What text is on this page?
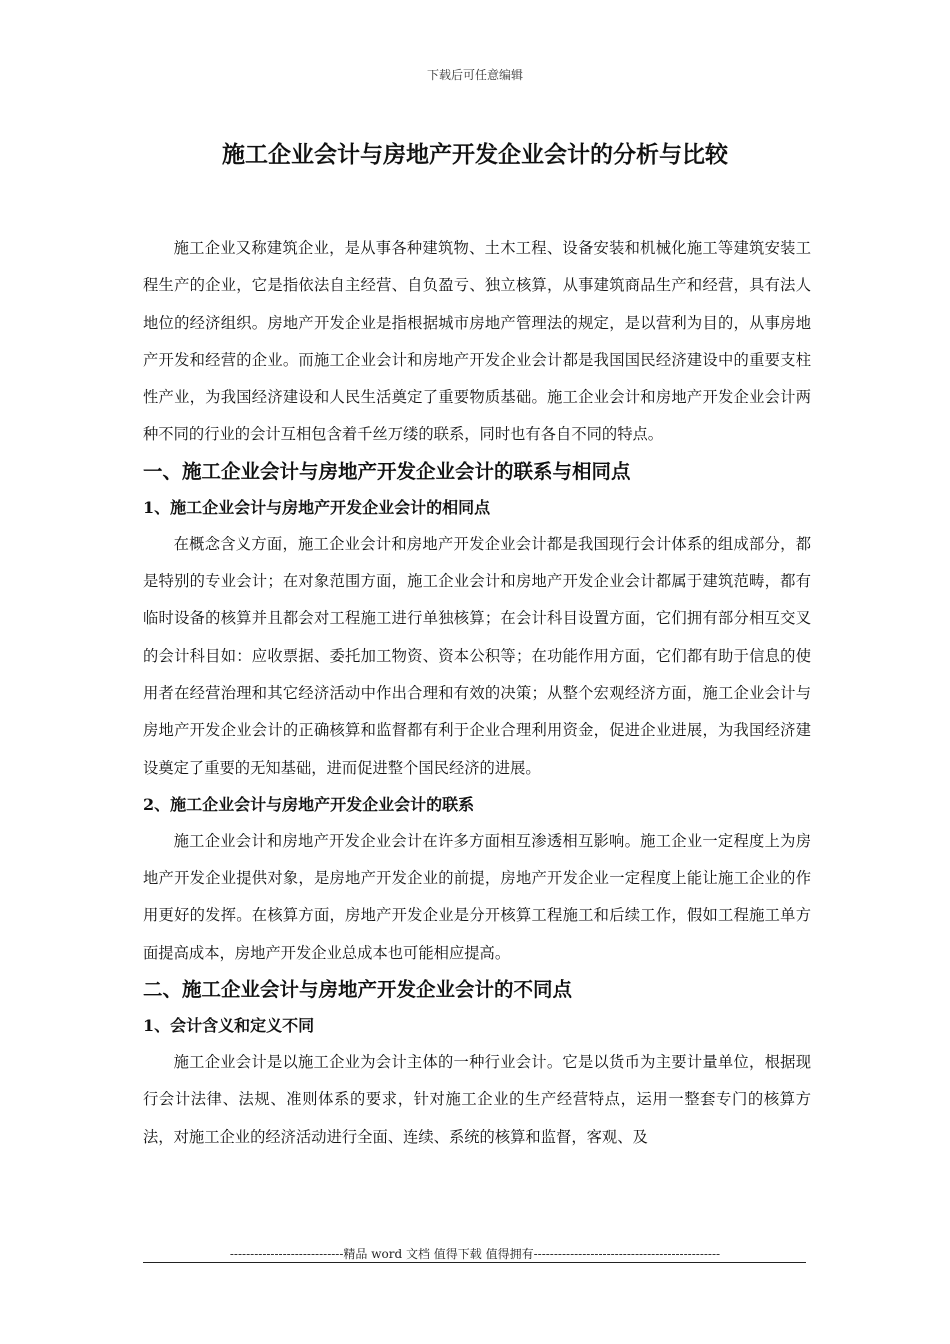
下载后可任意编辑
施工企业会计与房地产开发企业会计的分析与比较

施工企业又称建筑企业，是从事各种建筑物、土木工程、设备安装和机械化施工等建筑安装工程生产的企业，它是指依法自主经营、自负盈亏、独立核算，从事建筑商品生产和经营，具有法人地位的经济组织。房地产开发企业是指根据城市房地产管理法的规定，是以营利为目的，从事房地产开发和经营的企业。而施工企业会计和房地产开发企业会计都是我国国民经济建设中的重要支柱性产业，为我国经济建设和人民生活奠定了重要物质基础。施工企业会计和房地产开发企业会计两种不同的行业的会计互相包含着千丝万缕的联系，同时也有各自不同的特点。

一、施工企业会计与房地产开发企业会计的联系与相同点

1、施工企业会计与房地产开发企业会计的相同点

在概念含义方面，施工企业会计和房地产开发企业会计都是我国现行会计体系的组成部分，都是特别的专业会计；在对象范围方面，施工企业会计和房地产开发企业会计都属于建筑范畴，都有临时设备的核算并且都会对工程施工进行单独核算；在会计科目设置方面，它们拥有部分相互交叉的会计科目如：应收票据、委托加工物资、资本公积等；在功能作用方面，它们都有助于信息的使用者在经营治理和其它经济活动中作出合理和有效的决策；从整个宏观经济方面，施工企业会计与房地产开发企业会计的正确核算和监督都有利于企业合理利用资金，促进企业进展，为我国经济建设奠定了重要的无知基础，进而促进整个国民经济的进展。

2、施工企业会计与房地产开发企业会计的联系

施工企业会计和房地产开发企业会计在许多方面相互渗透相互影响。施工企业一定程度上为房地产开发企业提供对象，是房地产开发企业的前提，房地产开发企业一定程度上能让施工企业的作用更好的发挥。在核算方面，房地产开发企业是分开核算工程施工和后续工作，假如工程施工单方面提高成本，房地产开发企业总成本也可能相应提高。

二、施工企业会计与房地产开发企业会计的不同点

1、会计含义和定义不同

施工企业会计是以施工企业为会计主体的一种行业会计。它是以货币为主要计量单位，根据现行会计法律、法规、准则体系的要求，针对施工企业的生产经营特点，运用一整套专门的核算方法，对施工企业的经济活动进行全面、连续、系统的核算和监督，客观、及

----------------------------精品 word 文档 值得下载 值得拥有----------------------------------------------
